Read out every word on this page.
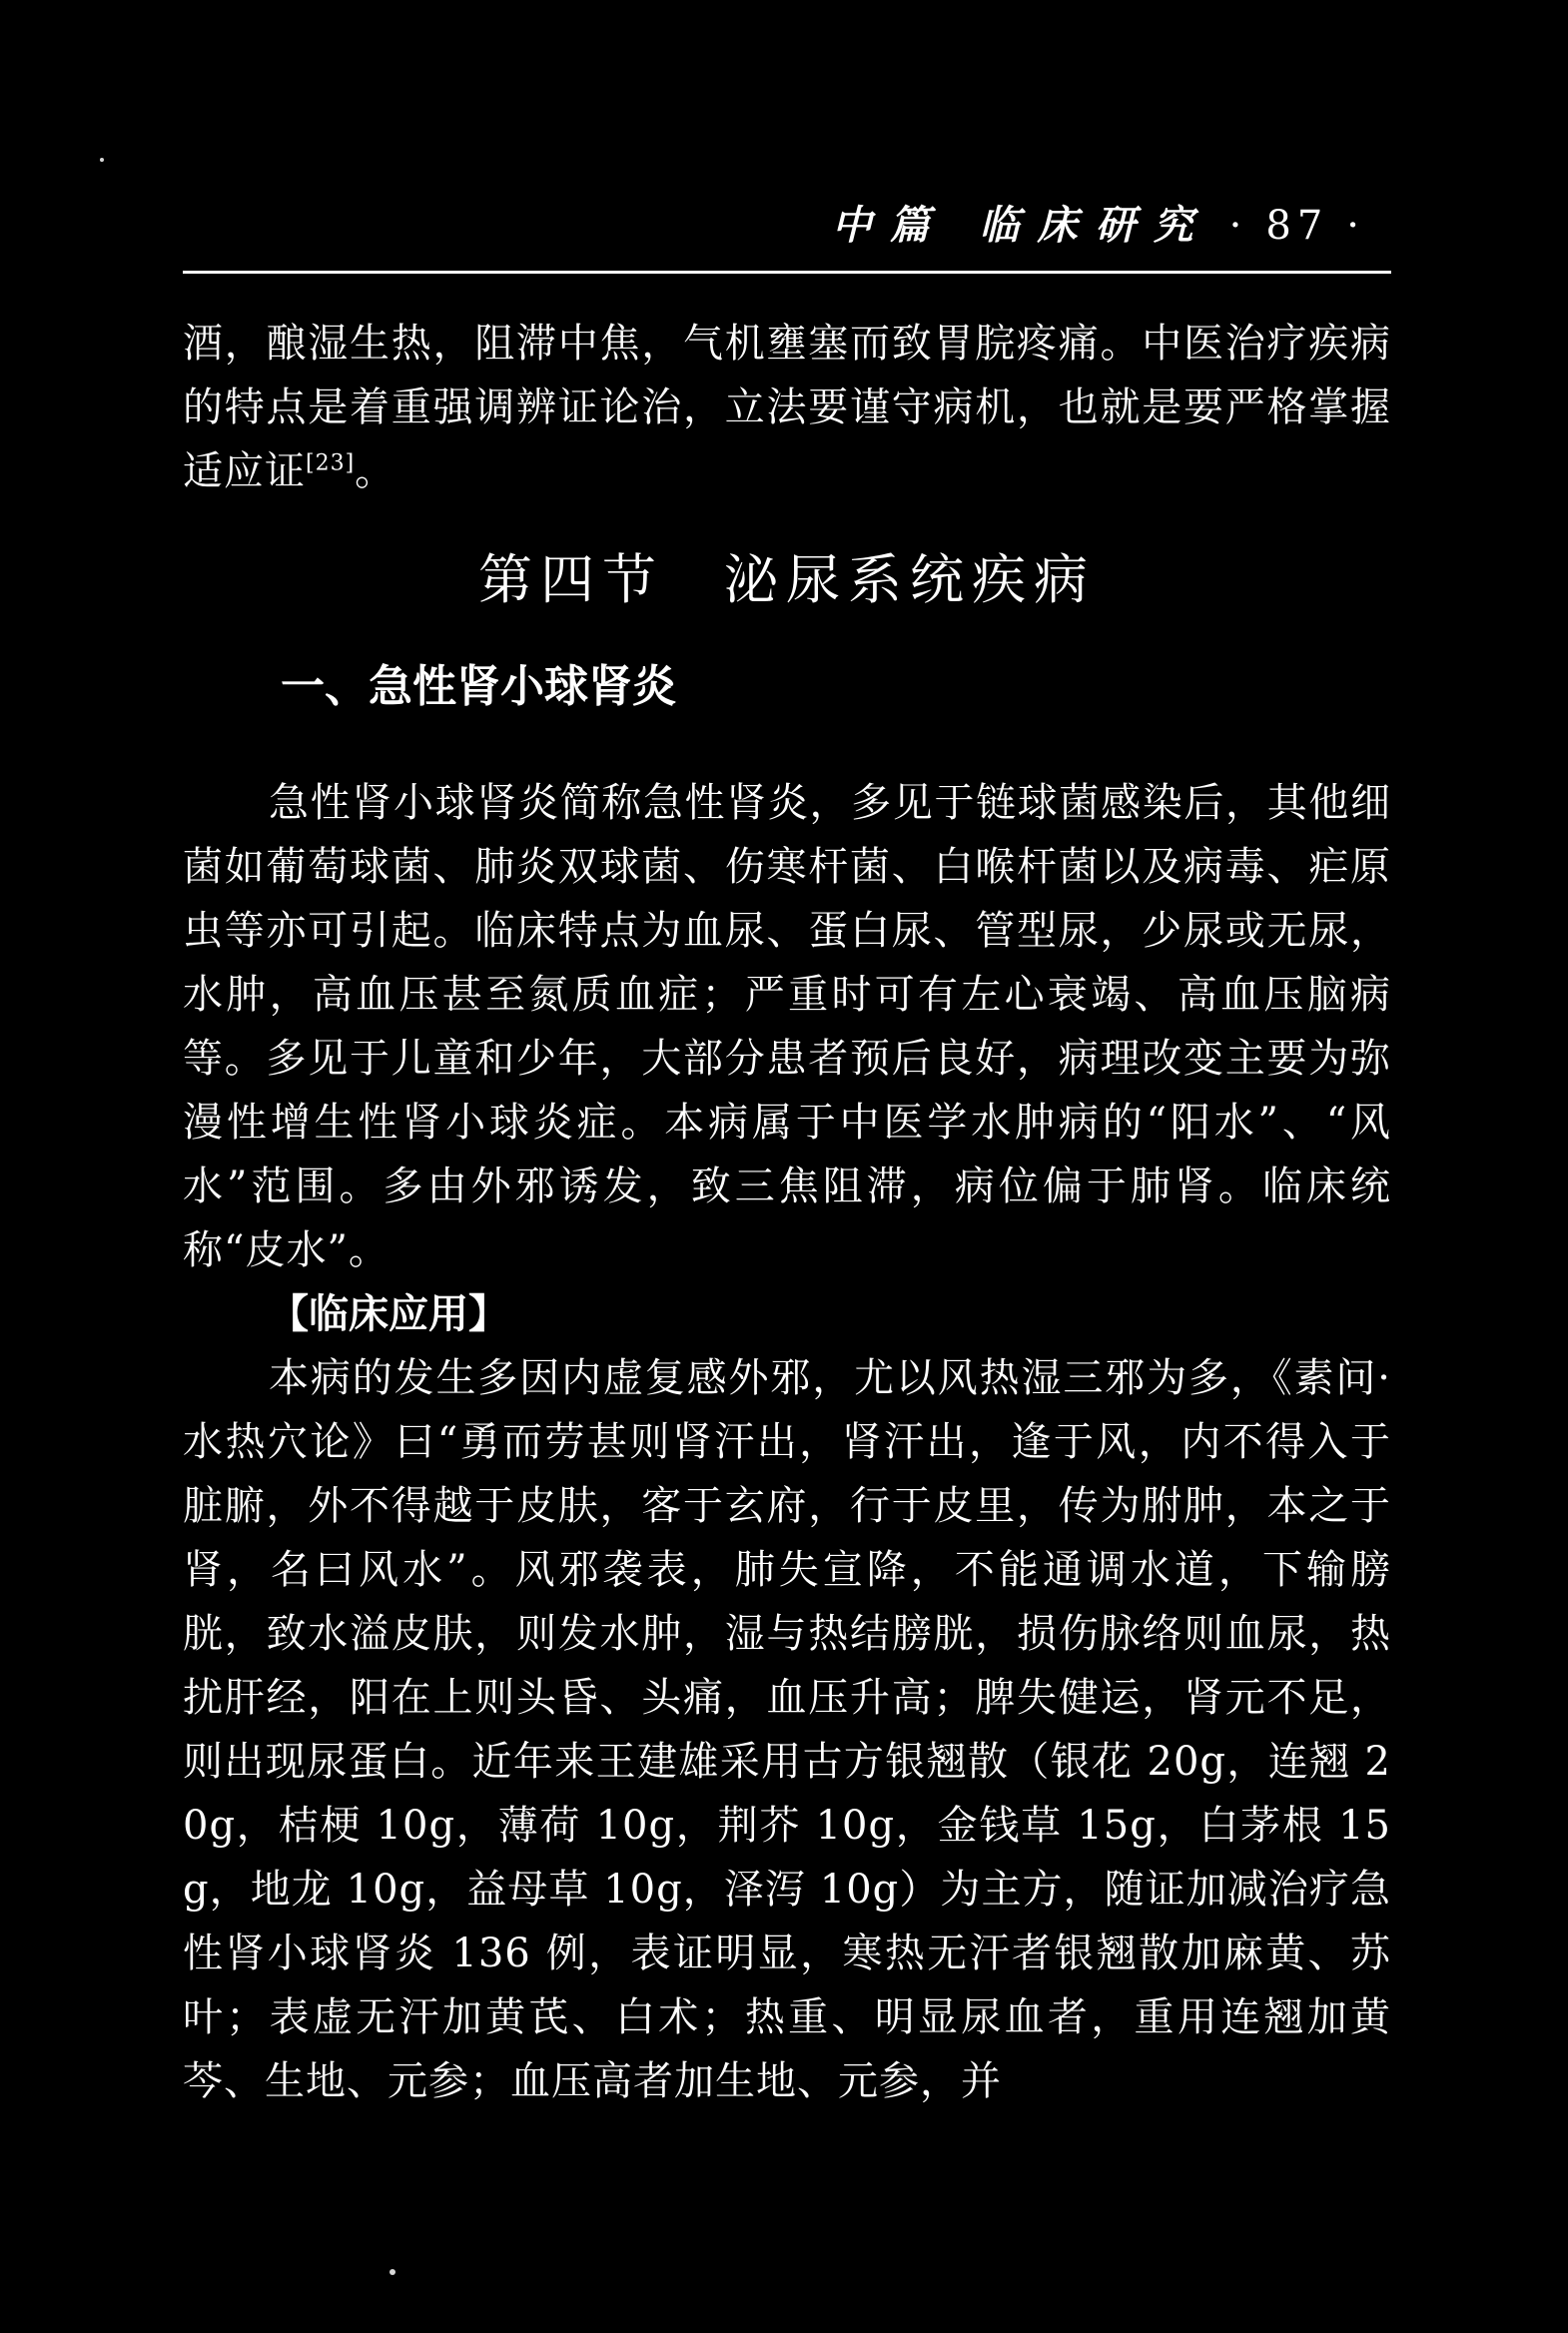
中篇 临床研究 · 87 ·

酒，酿湿生热，阻滞中焦，气机壅塞而致胃脘疼痛。中医治疗疾病的特点是着重强调辨证论治，立法要谨守病机，也就是要严格掌握适应证[23]。

第四节 泌尿系统疾病
一、急性肾小球肾炎

急性肾小球肾炎简称急性肾炎，多见于链球菌感染后，其他细菌如葡萄球菌、肺炎双球菌、伤寒杆菌、白喉杆菌以及病毒、疟原虫等亦可引起。临床特点为血尿、蛋白尿、管型尿，少尿或无尿，水肿，高血压甚至氮质血症；严重时可有左心衰竭、高血压脑病等。多见于儿童和少年，大部分患者预后良好，病理改变主要为弥漫性增生性肾小球炎症。本病属于中医学水肿病的“阳水”、“风水”范围。多由外邪诱发，致三焦阻滞，病位偏于肺肾。临床统称“皮水”。

【临床应用】

本病的发生多因内虚复感外邪，尤以风热湿三邪为多，《素问·水热穴论》曰“勇而劳甚则肾汗出，肾汗出，逢于风，内不得入于脏腑，外不得越于皮肤，客于玄府，行于皮里，传为胕肿，本之于肾，名曰风水”。风邪袭表，肺失宣降，不能通调水道，下输膀胱，致水溢皮肤，则发水肿，湿与热结膀胱，损伤脉络则血尿，热扰肝经，阳在上则头昏、头痛，血压升高；脾失健运，肾元不足，则出现尿蛋白。近年来王建雄采用古方银翘散（银花 20g，连翘 20g，桔梗 10g，薄荷 10g，荆芥 10g，金钱草 15g，白茅根 15g，地龙 10g，益母草 10g，泽泻 10g）为主方，随证加减治疗急性肾小球肾炎 136 例，表证明显，寒热无汗者银翘散加麻黄、苏叶；表虚无汗加黄芪、白术；热重、明显尿血者，重用连翘加黄芩、生地、元参；血压高者加生地、元参，并
